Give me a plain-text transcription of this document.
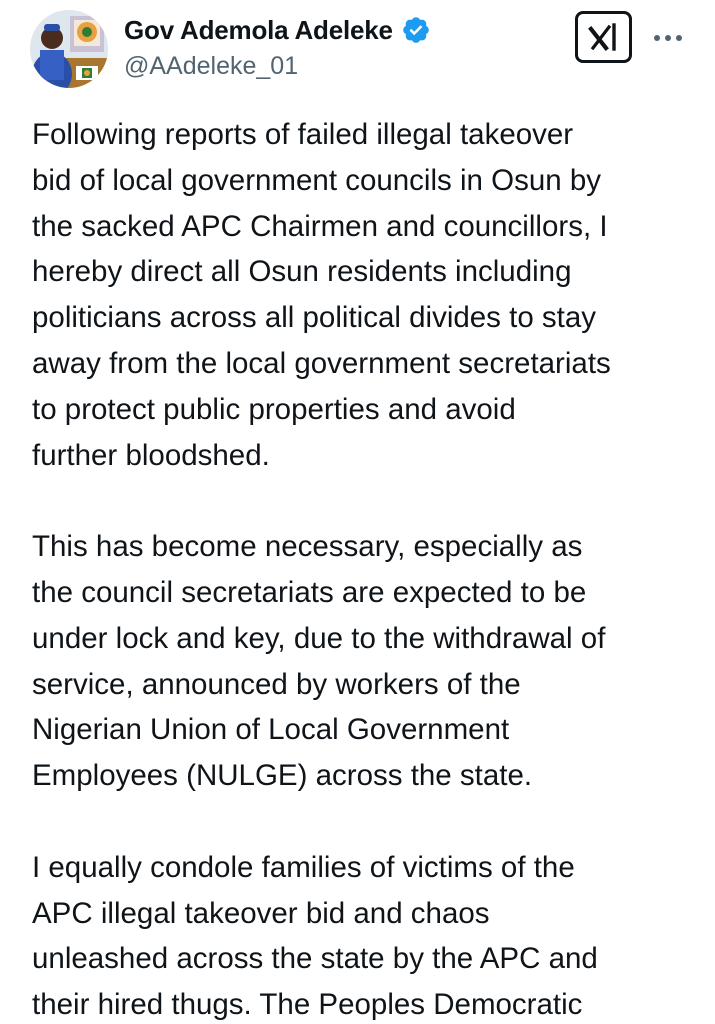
Gov Ademola Adeleke
@AAdeleke_01
Following reports of failed illegal takeover
bid of local government councils in Osun by
the sacked APC Chairmen and councillors, I
hereby direct all Osun residents including
politicians across all political divides to stay
away from the local government secretariats
to protect public properties and avoid
further bloodshed.
This has become necessary, especially as
the council secretariats are expected to be
under lock and key, due to the withdrawal of
service, announced by workers of the
Nigerian Union of Local Government
Employees (NULGE) across the state.
I equally condole families of victims of the
APC illegal takeover bid and chaos
unleashed across the state by the APC and
their hired thugs. The Peoples Democratic
